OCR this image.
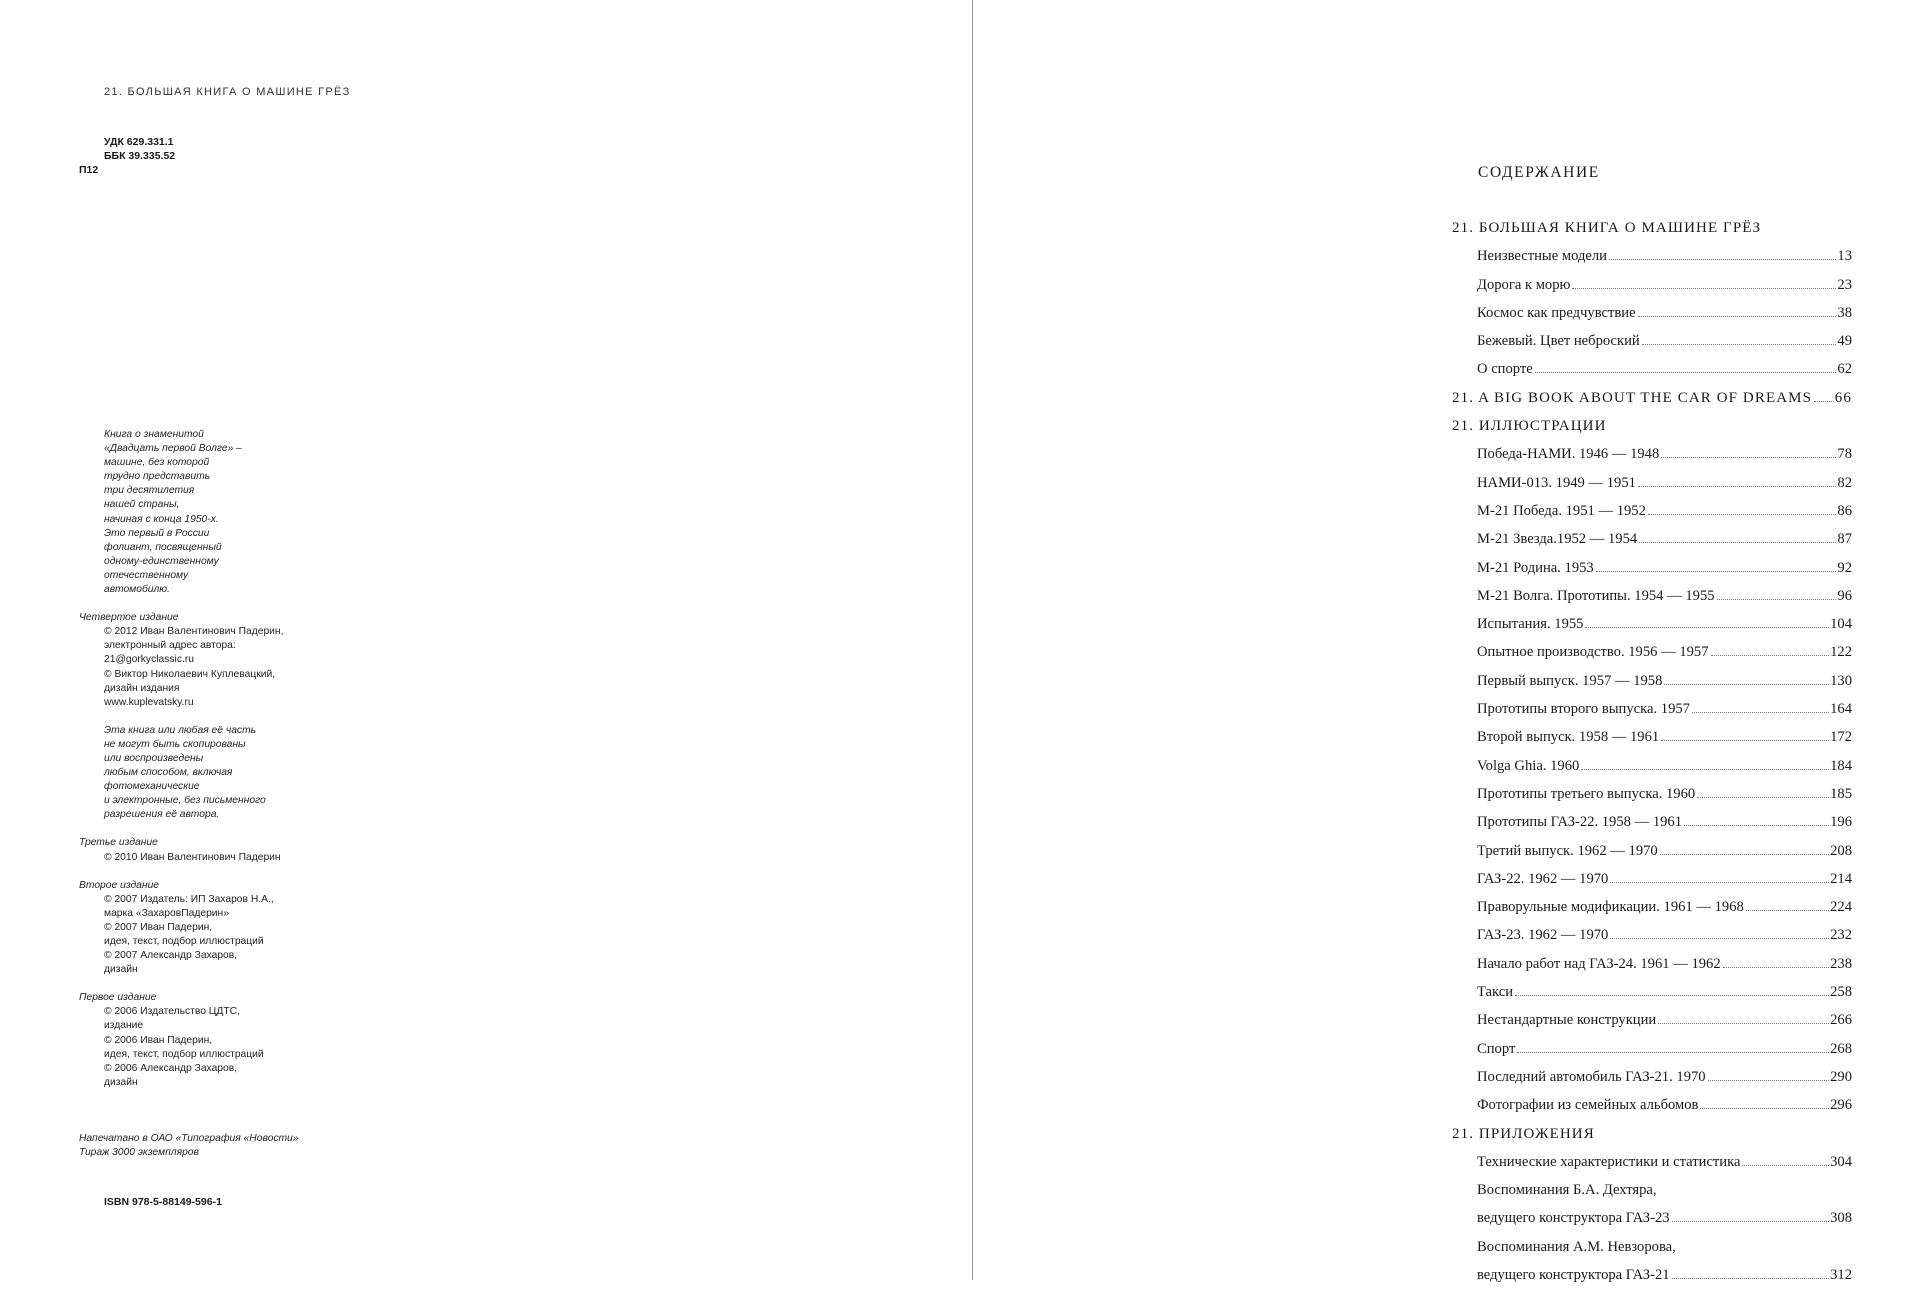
21. БОЛЬШАЯ КНИГА О МАШИНЕ ГРЁЗ
УДК 629.331.1
ББК 39.335.52
П12
Книга о знаменитой
«Двадцать первой Волге» –
машине, без которой
трудно представить
три десятилетия
нашей страны,
начиная с конца 1950-х.
Это первый в России
фолиант, посвященный
одному-единственному
отечественному
автомобилю.
Четвертое издание
© 2012 Иван Валентинович Падерин,
электронный адрес автора:
21@gorkyclassic.ru
© Виктор Николаевич Куплевацкий,
дизайн издания
www.kuplevatsky.ru
Эта книга или любая её часть
не могут быть скопированы
или воспроизведены
любым способом, включая
фотомеханические
и электронные, без письменного
разрешения её автора.
Третье издание
© 2010 Иван Валентинович Падерин
Второе издание
© 2007 Издатель: ИП Захаров Н.А.,
марка «ЗахаровПадерин»
© 2007 Иван Падерин,
идея, текст, подбор иллюстраций
© 2007 Александр Захаров,
дизайн
Первое издание
© 2006 Издательство ЦДТС,
издание
© 2006 Иван Падерин,
идея, текст, подбор иллюстраций
© 2006 Александр Захаров,
дизайн
Напечатано в ОАО «Типография «Новости»
Тираж 3000 экземпляров
ISBN 978-5-88149-596-1
СОДЕРЖАНИЕ
21. БОЛЬШАЯ КНИГА О МАШИНЕ ГРЁЗ
Неизвестные модели	13
Дорога к морю	23
Космос как предчувствие	38
Бежевый. Цвет неброский	49
О спорте	62
21. A BIG BOOK ABOUT THE CAR OF DREAMS 66
21. ИЛЛЮСТРАЦИИ
Победа-НАМИ. 1946 — 1948	78
НАМИ-013. 1949 — 1951	82
М-21 Победа. 1951 — 1952	86
М-21 Звезда.1952 — 1954	87
М-21 Родина. 1953	92
М-21 Волга. Прототипы. 1954 — 1955	96
Испытания. 1955	104
Опытное производство. 1956 — 1957	122
Первый выпуск. 1957 — 1958	130
Прототипы второго выпуска. 1957	164
Второй выпуск. 1958 — 1961	172
Volga Ghia. 1960	184
Прототипы третьего выпуска. 1960	185
Прототипы ГАЗ-22. 1958 — 1961	196
Третий выпуск. 1962 — 1970	208
ГАЗ-22. 1962 — 1970	214
Праворульные модификации. 1961 — 1968	224
ГАЗ-23. 1962 — 1970	232
Начало работ над ГАЗ-24. 1961 — 1962	238
Такси	258
Нестандартные конструкции	266
Спорт	268
Последний автомобиль ГАЗ-21. 1970	290
Фотографии из семейных альбомов	296
21. ПРИЛОЖЕНИЯ
Технические характеристики и статистика	304
Воспоминания Б.А. Дехтяра,
ведущего конструктора ГАЗ-23	308
Воспоминания А.М. Невзорова,
ведущего конструктора ГАЗ-21	312
